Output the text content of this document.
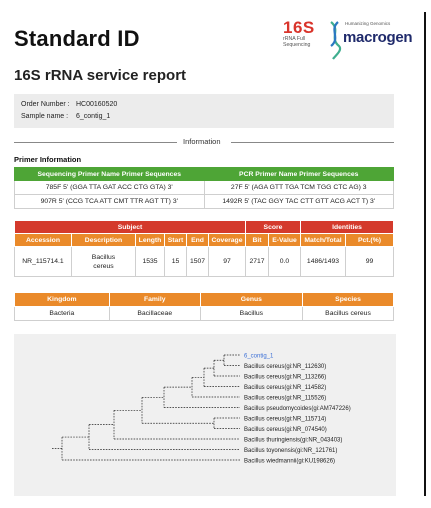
Standard ID	16S
rRNA Full
Sequencing
Humanizing Genomics
macrogen
16S rRNA service report
Order Number : HC00160520
Sample name : 6_contig_1
Information
Primer Information
Sequencing Primer Name Primer Sequences	PCR Primer Name Primer Sequences
785F 5' (GGA TTA GAT ACC CTG GTA) 3'	27F 5' (AGA GTT TGA TCM TGG CTC AG) 3
907R 5' (CCG TCA ATT CMT TTR AGT TT) 3'	1492R 5' (TAC GGY TAC CTT GTT ACG ACT T) 3'
Subject						Score		Identities	
Accession	Description	Length	Start	End	Coverage	Bit	E-Value	Match/Total	Pct.(%)
NR_115714.1	Bacillus
cereus	1535	15	1507	97	2717	0.0	1486/1493	99
Kingdom	Family	Genus	Species
Bacteria	Bacillaceae	Bacillus	Bacillus cereus
6_contig_1
Bacillus cereus(gi:NR_112630)
Bacillus cereus(gi:NR_113266)
Bacillus cereus(gi:NR_114582)
Bacillus cereus(gi:NR_115526)
Bacillus pseudomycoides(gi:AM747226)
Bacillus cereus(gi:NR_115714)
Bacillus cereus(gi:NR_074540)
Bacillus thuringiensis(gi:NR_043403)
Bacillus toyonensis(gi:NR_121761)
Bacillus wiedmannii(gi:KU198626)
